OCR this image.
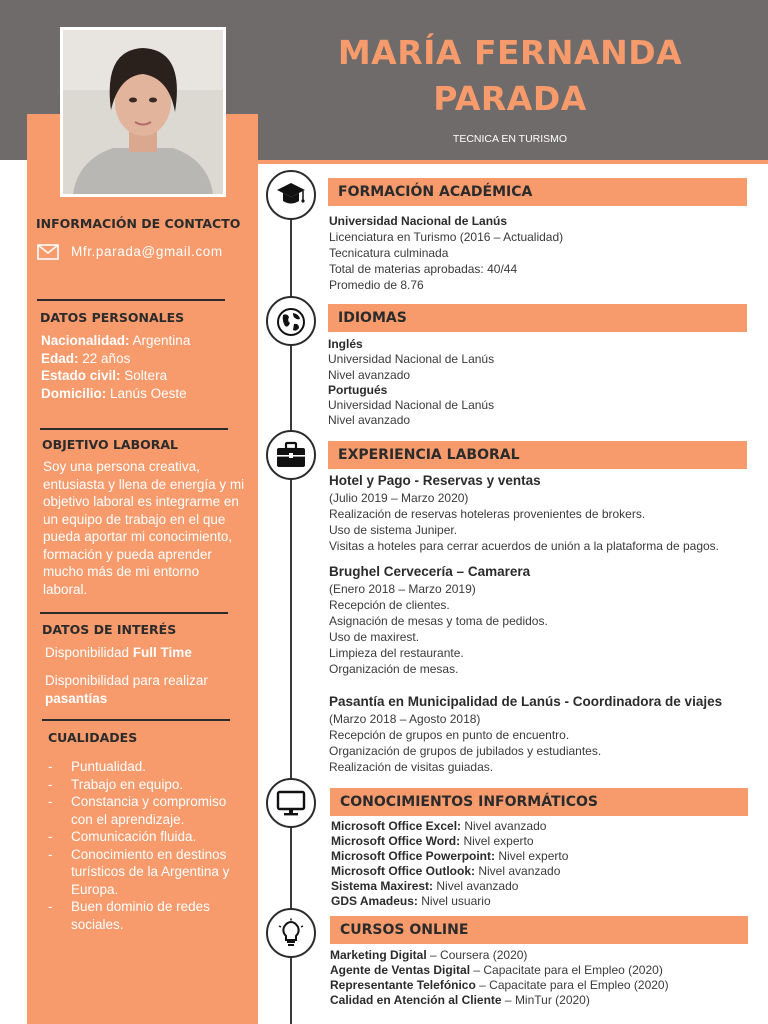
MARÍA FERNANDA
PARADA
TECNICA EN TURISMO
INFORMACIÓN DE CONTACTO
Mfr.parada@gmail.com
DATOS PERSONALES
Nacionalidad: Argentina
Edad: 22 años
Estado civil: Soltera
Domicilio: Lanús Oeste
OBJETIVO LABORAL
Soy una persona creativa, entusiasta y llena de energía y mi objetivo laboral es integrarme en un equipo de trabajo en el que pueda aportar mi conocimiento, formación y pueda aprender mucho más de mi entorno laboral.
DATOS DE INTERÉS
Disponibilidad Full Time
Disponibilidad para realizar
pasantías
CUALIDADES
- Puntualidad.
- Trabajo en equipo.
- Constancia y compromiso con el aprendizaje.
- Comunicación fluida.
- Conocimiento en destinos turísticos de la Argentina y Europa.
- Buen dominio de redes sociales.
FORMACIÓN ACADÉMICA
Universidad Nacional de Lanús
Licenciatura en Turismo (2016 – Actualidad)
Tecnicatura culminada
Total de materias aprobadas: 40/44
Promedio de 8.76
IDIOMAS
Inglés
Universidad Nacional de Lanús
Nivel avanzado
Portugués
Universidad Nacional de Lanús
Nivel avanzado
EXPERIENCIA LABORAL
Hotel y Pago - Reservas y ventas
(Julio 2019 – Marzo 2020)
Realización de reservas hoteleras provenientes de brokers.
Uso de sistema Juniper.
Visitas a hoteles para cerrar acuerdos de unión a la plataforma de pagos.
Brughel Cervecería – Camarera
(Enero 2018 – Marzo 2019)
Recepción de clientes.
Asignación de mesas y toma de pedidos.
Uso de maxirest.
Limpieza del restaurante.
Organización de mesas.
Pasantía en Municipalidad de Lanús - Coordinadora de viajes
(Marzo 2018 – Agosto 2018)
Recepción de grupos en punto de encuentro.
Organización de grupos de jubilados y estudiantes.
Realización de visitas guiadas.
CONOCIMIENTOS INFORMÁTICOS
Microsoft Office Excel: Nivel avanzado
Microsoft Office Word: Nivel experto
Microsoft Office Powerpoint: Nivel experto
Microsoft Office Outlook: Nivel avanzado
Sistema Maxirest: Nivel avanzado
GDS Amadeus: Nivel usuario
CURSOS ONLINE
Marketing Digital – Coursera (2020)
Agente de Ventas Digital – Capacitate para el Empleo (2020)
Representante Telefónico – Capacitate para el Empleo (2020)
Calidad en Atención al Cliente – MinTur (2020)
